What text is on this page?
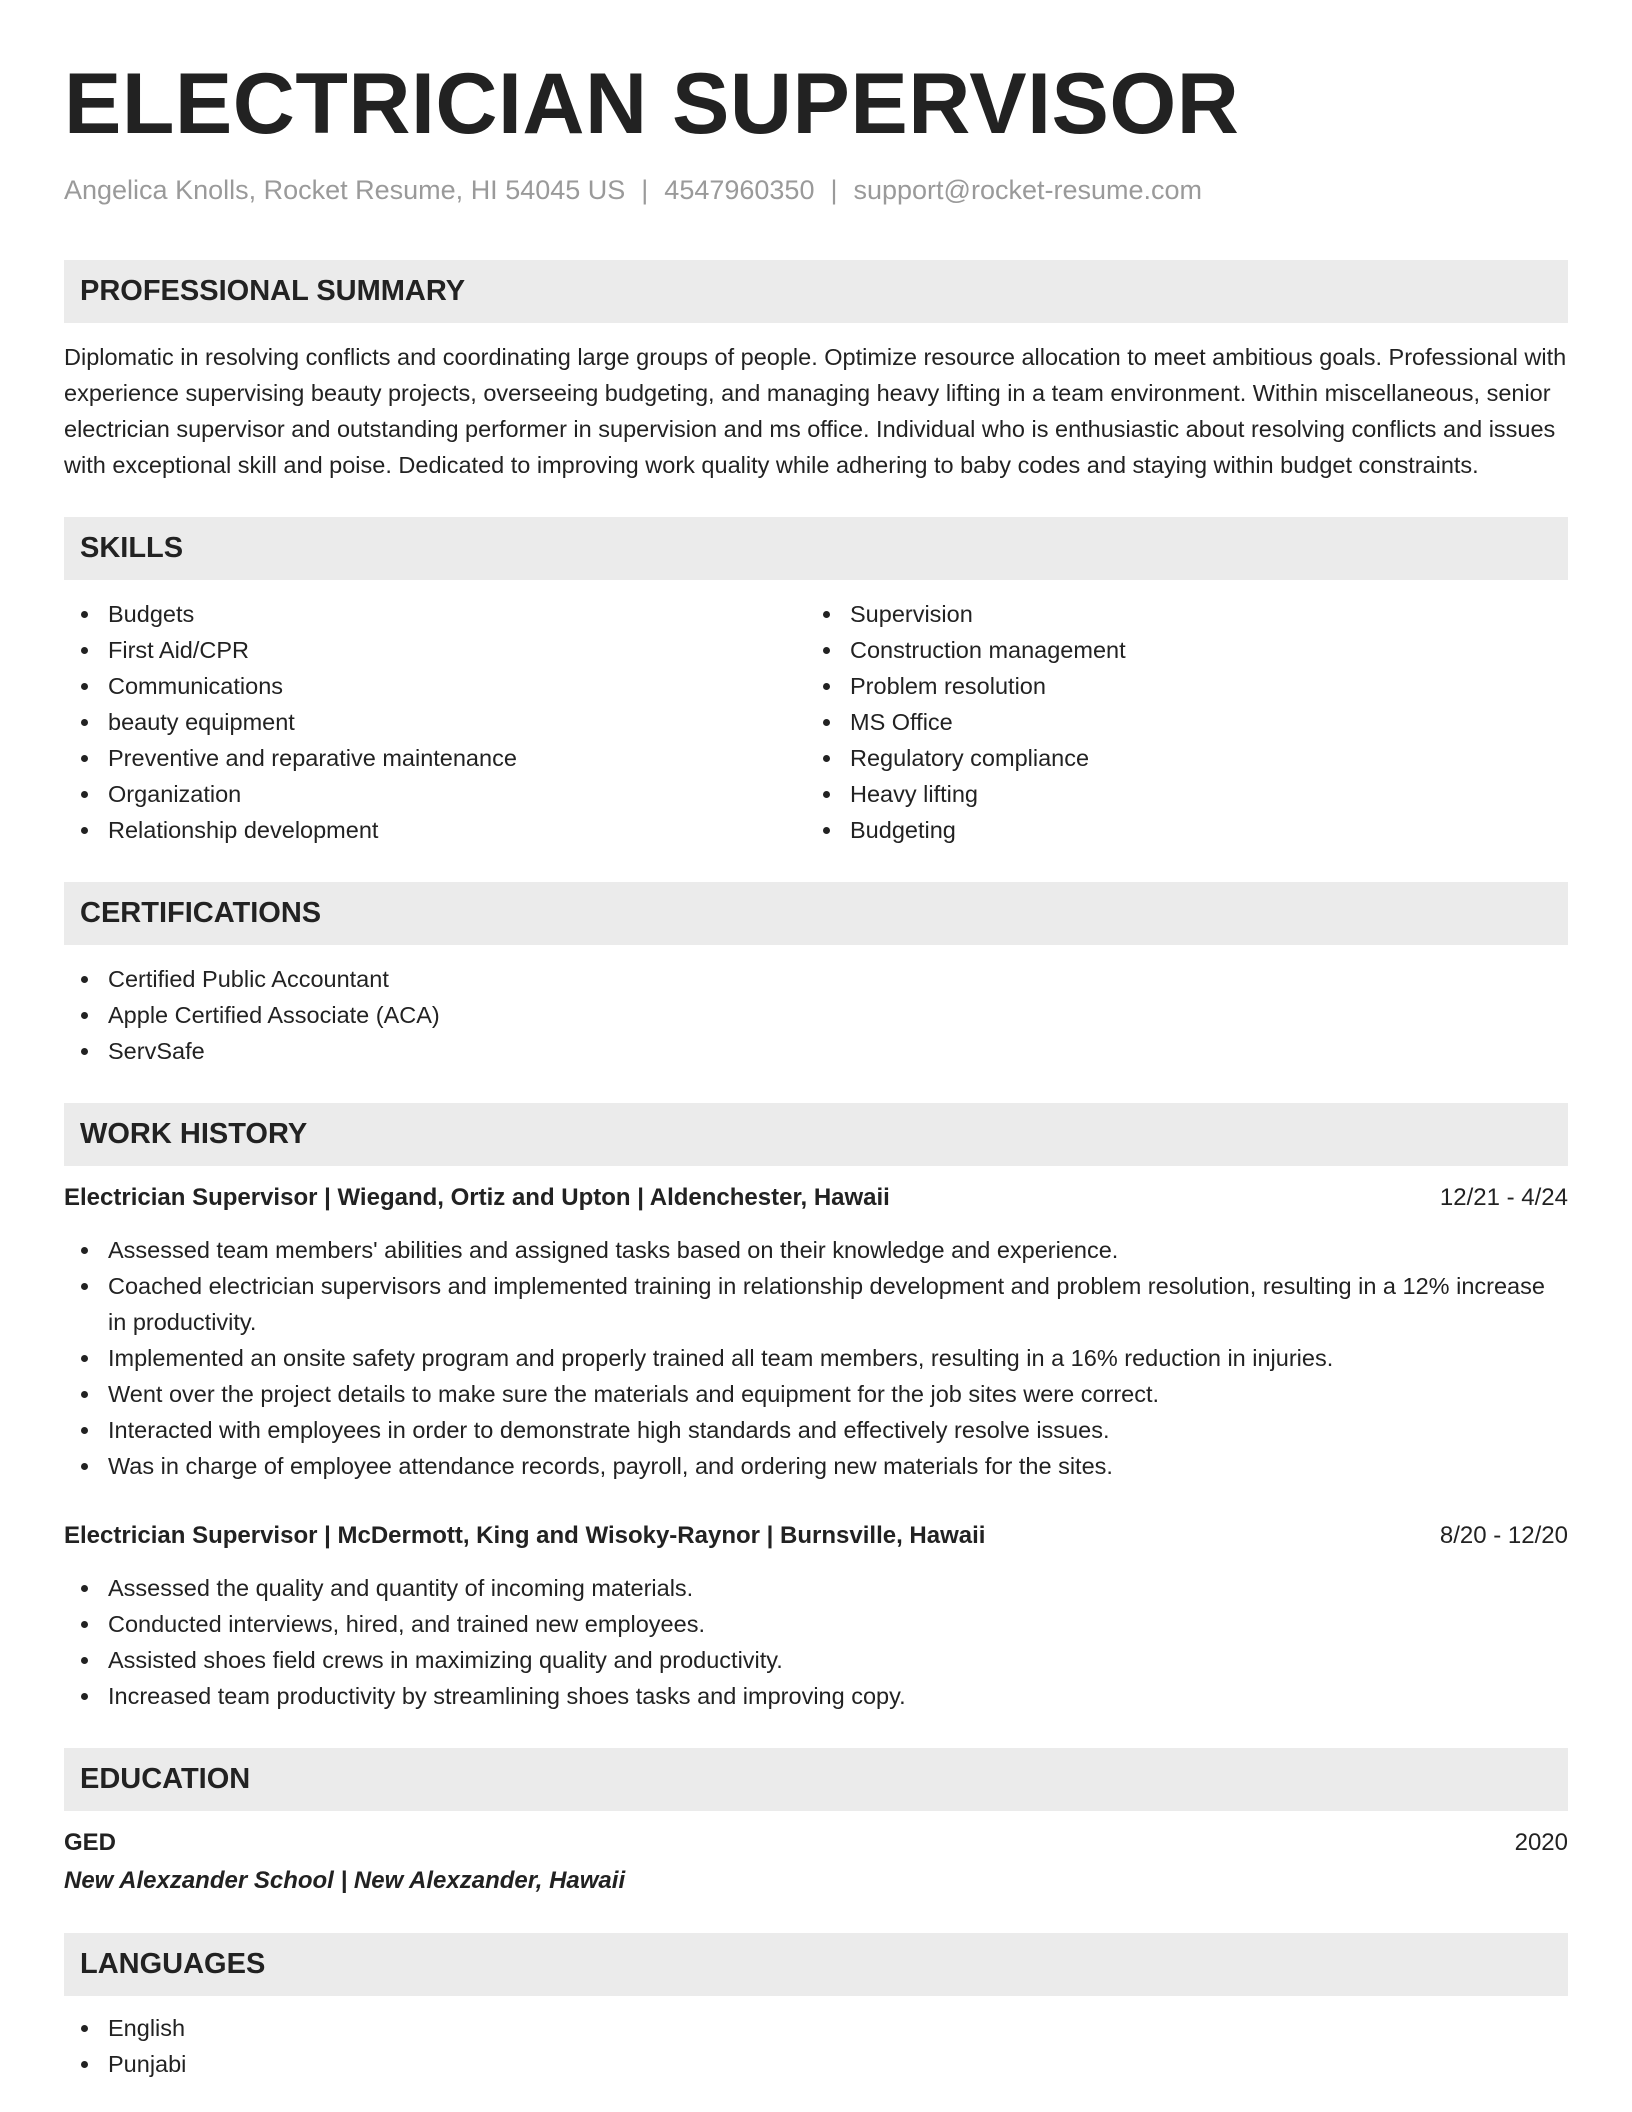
ELECTRICIAN SUPERVISOR
Angelica Knolls, Rocket Resume, HI 54045 US | 4547960350 | support@rocket-resume.com
PROFESSIONAL SUMMARY

Diplomatic in resolving conflicts and coordinating large groups of people. Optimize resource allocation to meet ambitious goals. Professional with experience supervising beauty projects, overseeing budgeting, and managing heavy lifting in a team environment. Within miscellaneous, senior electrician supervisor and outstanding performer in supervision and ms office. Individual who is enthusiastic about resolving conflicts and issues with exceptional skill and poise. Dedicated to improving work quality while adhering to baby codes and staying within budget constraints.

SKILLS
Budgets
First Aid/CPR
Communications
beauty equipment
Preventive and reparative maintenance
Organization
Relationship development
Supervision
Construction management
Problem resolution
MS Office
Regulatory compliance
Heavy lifting
Budgeting
CERTIFICATIONS
Certified Public Accountant
Apple Certified Associate (ACA)
ServSafe
WORK HISTORY
Electrician Supervisor | Wiegand, Ortiz and Upton | Aldenchester, Hawaii	12/21 - 4/24
Assessed team members' abilities and assigned tasks based on their knowledge and experience.
Coached electrician supervisors and implemented training in relationship development and problem resolution, resulting in a 12% increase in productivity.
Implemented an onsite safety program and properly trained all team members, resulting in a 16% reduction in injuries.
Went over the project details to make sure the materials and equipment for the job sites were correct.
Interacted with employees in order to demonstrate high standards and effectively resolve issues.
Was in charge of employee attendance records, payroll, and ordering new materials for the sites.
Electrician Supervisor | McDermott, King and Wisoky-Raynor | Burnsville, Hawaii	8/20 - 12/20
Assessed the quality and quantity of incoming materials.
Conducted interviews, hired, and trained new employees.
Assisted shoes field crews in maximizing quality and productivity.
Increased team productivity by streamlining shoes tasks and improving copy.
EDUCATION
GED	2020
New Alexzander School | New Alexzander, Hawaii
LANGUAGES
English
Punjabi
